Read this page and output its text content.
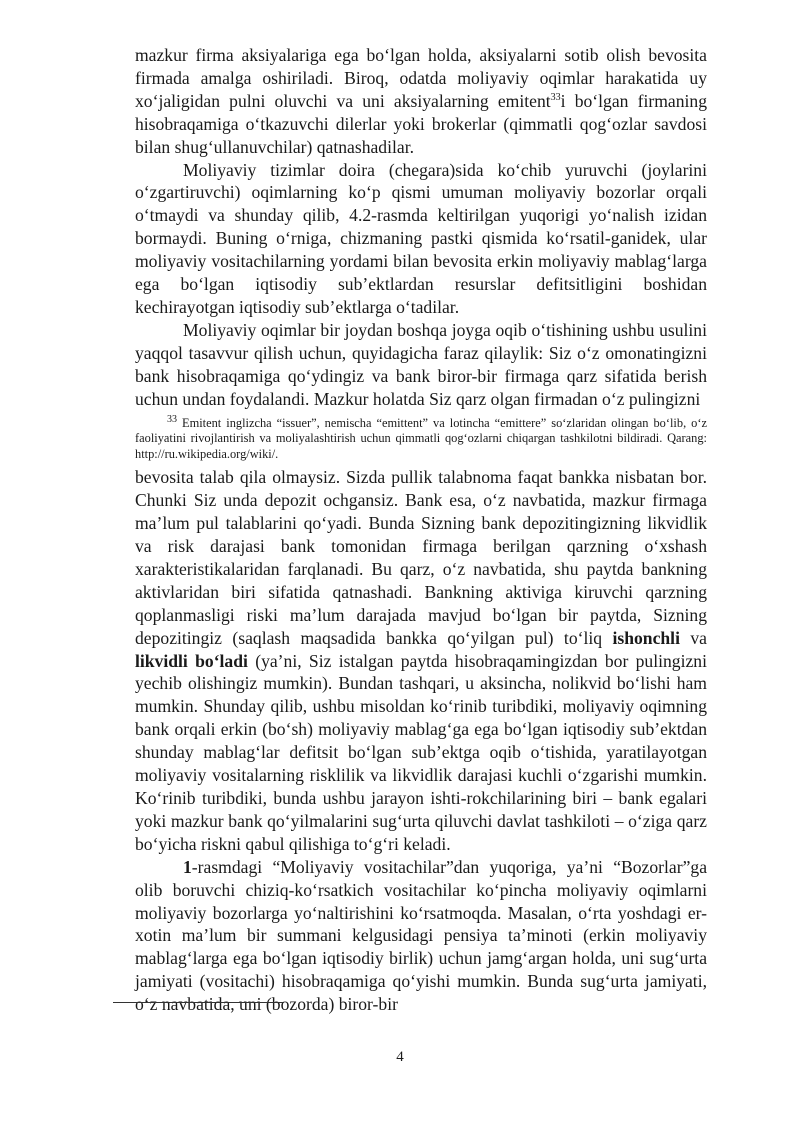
mazkur firma aksiyalariga ega boʻlgan holda, aksiyalarni sotib olish bevosita firmada amalga oshiriladi. Biroq, odatda moliyaviy oqimlar harakatida uy xoʻjaligidan pulni oluvchi va uni aksiyalarning emitent$^{33}$i boʻlgan firmaning hisobraqamiga oʻtkazuvchi dilerlar yoki brokerlar (qimmatli qogʻozlar savdosi bilan shugʻullanuvchilar) qatnashadilar.

Moliyaviy tizimlar doira (chegara)sida koʻchib yuruvchi (joylarini oʻzgartiruvchi) oqimlarning koʻp qismi umuman moliyaviy bozorlar orqali oʻtmaydi va shunday qilib, 4.2-rasmda keltirilgan yuqorigi yoʻnalish izidan bormaydi. Buning oʻrniga, chizmaning pastki qismida koʻrsatil-ganidek, ular moliyaviy vositachilarning yordami bilan bevosita erkin moliyaviy mablagʻlarga ega boʻlgan iqtisodiy subʼektlardan resurslar defitsitligini boshidan kechirayotgan iqtisodiy subʼektlarga oʻtadilar.

Moliyaviy oqimlar bir joydan boshqa joyga oqib oʻtishining ushbu usulini yaqqol tasavvur qilish uchun, quyidagicha faraz qilaylik: Siz oʻz omonatingizni bank hisobraqamiga qoʻydingiz va bank biror-bir firmaga qarz sifatida berish uchun undan foydalandi. Mazkur holatda Siz qarz olgan firmadan oʻz pulingizni

$^{33}$ Emitent inglizcha “issuer”, nemischa “emittent” va lotincha “emittere” soʻzlaridan olingan boʻlib, oʻz faoliyatini rivojlantirish va moliyalashtirish uchun qimmatli qogʻozlarni chiqargan tashkilotni bildiradi. Qarang: http://ru.wikipedia.org/wiki/.

bevosita talab qila olmaysiz. Sizda pullik talabnoma faqat bankka nisbatan bor. Chunki Siz unda depozit ochgansiz. Bank esa, oʻz navbatida, mazkur firmaga maʼlum pul talablarini qoʻyadi. Bunda Sizning bank depozitingizning likvidlik va risk darajasi bank tomonidan firmaga berilgan qarzning oʻxshash xarakteristikalaridan farqlanadi. Bu qarz, oʻz navbatida, shu paytda bankning aktivlaridan biri sifatida qatnashadi. Bankning aktiviga kiruvchi qarzning qoplanmasligi riski maʼlum darajada mavjud boʻlgan bir paytda, Sizning depozitingiz (saqlash maqsadida bankka qoʻyilgan pul) toʻliq ishonchli va likvidli boʻladi (yaʼni, Siz istalgan paytda hisobraqamingizdan bor pulingizni yechib olishingiz mumkin). Bundan tashqari, u aksincha, nolikvid boʻlishi ham mumkin. Shunday qilib, ushbu misoldan koʻrinib turibdiki, moliyaviy oqimning bank orqali erkin (boʻsh) moliyaviy mablagʻga ega boʻlgan iqtisodiy subʼektdan shunday mablagʻlar defitsit boʻlgan subʼektga oqib oʻtishida, yaratilayotgan moliyaviy vositalarning risklilik va likvidlik darajasi kuchli oʻzgarishi mumkin. Koʻrinib turibdiki, bunda ushbu jarayon ishti-rokchilarining biri – bank egalari yoki mazkur bank qoʻyilmalarini sugʻurta qiluvchi davlat tashkiloti – oʻziga qarz boʻyicha riskni qabul qilishiga toʻgʻri keladi.

1-rasmdagi “Moliyaviy vositachilar”dan yuqoriga, yaʼni “Bozorlar”ga olib boruvchi chiziq-koʻrsatkich vositachilar koʻpincha moliyaviy oqimlarni moliyaviy bozorlarga yoʻnaltirishini koʻrsatmoqda. Masalan, oʻrta yoshdagi er-xotin maʼlum bir summani kelgusidagi pensiya taʼminoti (erkin moliyaviy mablagʻlarga ega boʻlgan iqtisodiy birlik) uchun jamgʻargan holda, uni sugʻurta jamiyati (vositachi) hisobraqamiga qoʻyishi mumkin. Bunda sugʻurta jamiyati, oʻz navbatida, uni (bozorda) biror-bir

4
